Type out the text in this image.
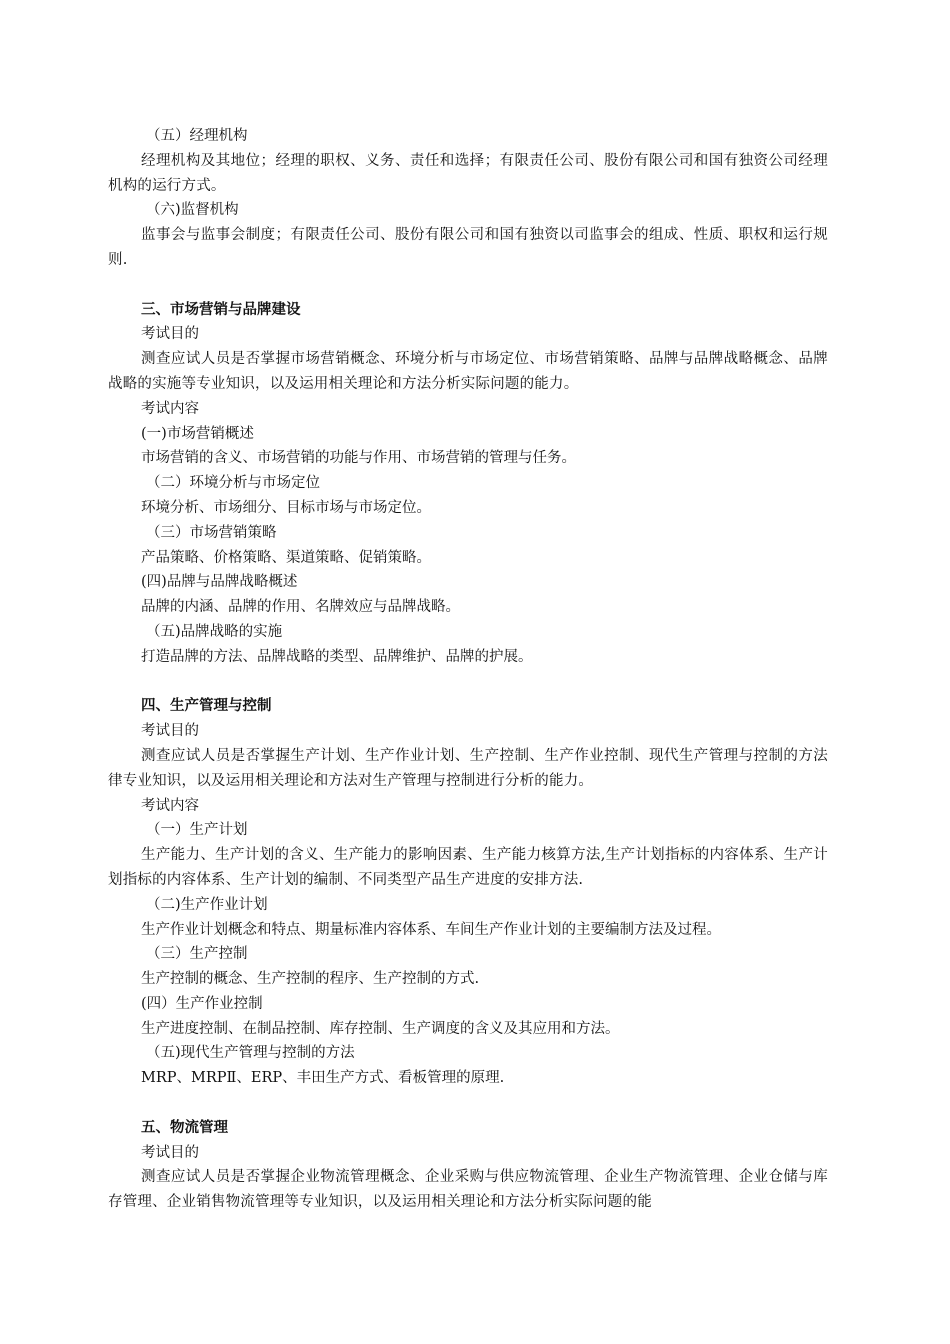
（五）经理机构
经理机构及其地位；经理的职权、义务、责任和选择；有限责任公司、股份有限公司和国有独资公司经理机构的运行方式。
（六)监督机构
监事会与监事会制度；有限责任公司、股份有限公司和国有独资以司监事会的组成、性质、职权和运行规则.
三、市场营销与品牌建设
考试目的
测查应试人员是否掌握市场营销概念、环境分析与市场定位、市场营销策略、品牌与品牌战略概念、品牌战略的实施等专业知识，以及运用相关理论和方法分析实际问题的能力。
考试内容
(一)市场营销概述
市场营销的含义、市场营销的功能与作用、市场营销的管理与任务。
（二）环境分析与市场定位
环境分析、市场细分、目标市场与市场定位。
（三）市场营销策略
产品策略、价格策略、渠道策略、促销策略。
(四)品牌与品牌战略概述
品牌的内涵、品牌的作用、名牌效应与品牌战略。
（五)品牌战略的实施
打造品牌的方法、品牌战略的类型、品牌维护、品牌的护展。
四、生产管理与控制
考试目的
测查应试人员是否掌握生产计划、生产作业计划、生产控制、生产作业控制、现代生产管理与控制的方法律专业知识，以及运用相关理论和方法对生产管理与控制进行分析的能力。
考试内容
（一）生产计划
生产能力、生产计划的含义、生产能力的影响因素、生产能力核算方法,生产计划指标的内容体系、生产计划指标的内容体系、生产计划的编制、不同类型产品生产进度的安排方法.
（二)生产作业计划
生产作业计划概念和特点、期量标准内容体系、车间生产作业计划的主要编制方法及过程。
（三）生产控制
生产控制的概念、生产控制的程序、生产控制的方式.
(四）生产作业控制
生产进度控制、在制品控制、库存控制、生产调度的含义及其应用和方法。
（五)现代生产管理与控制的方法
MRP、MRPⅡ、ERP、丰田生产方式、看板管理的原理.
五、物流管理
考试目的
测查应试人员是否掌握企业物流管理概念、企业采购与供应物流管理、企业生产物流管理、企业仓储与库存管理、企业销售物流管理等专业知识，以及运用相关理论和方法分析实际问题的能
